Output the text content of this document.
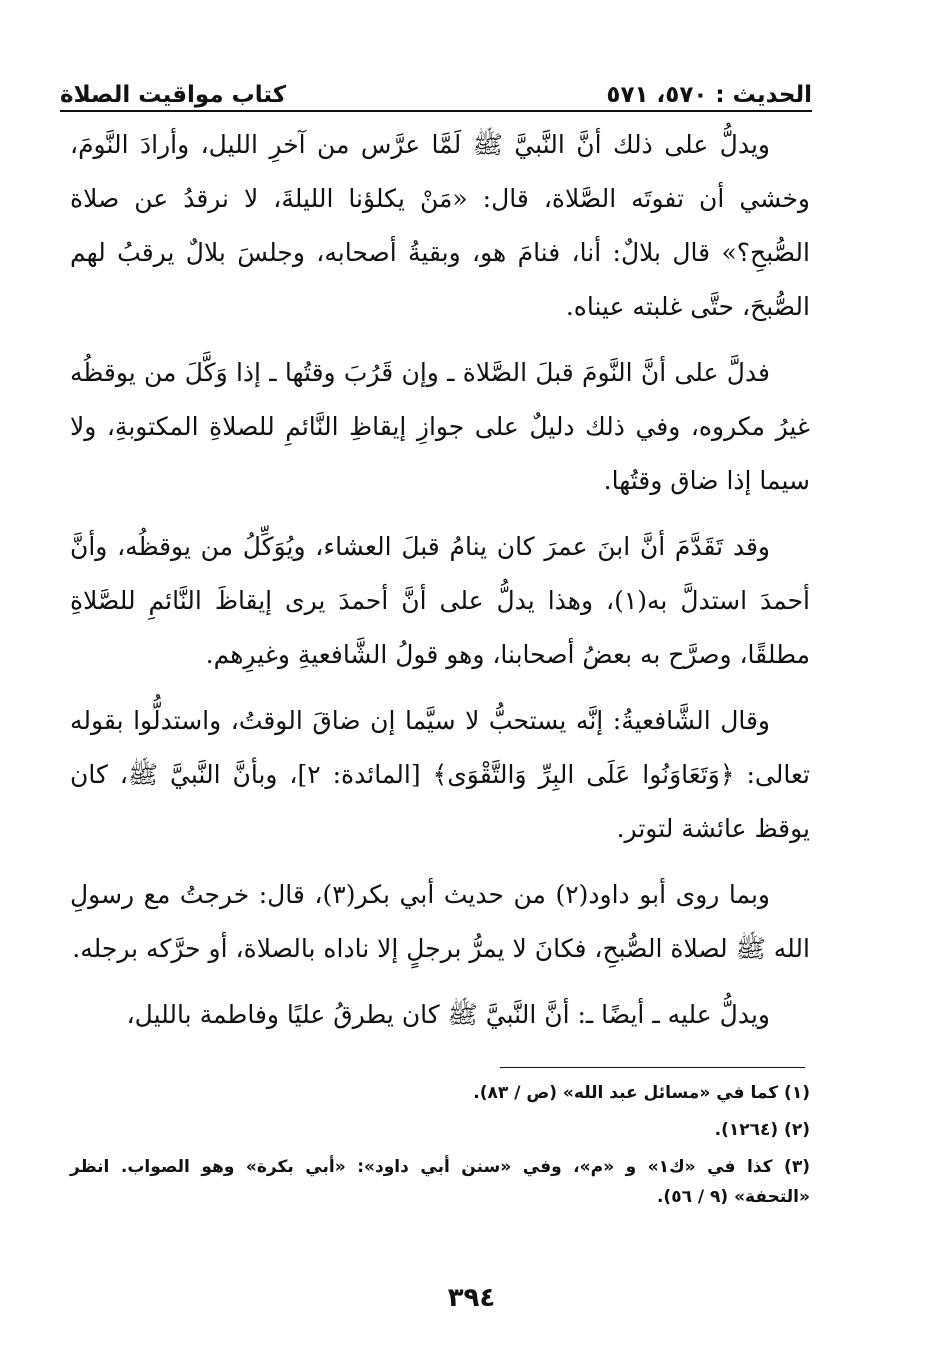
الحديث : ٥٧٠، ٥٧١
كتاب مواقيت الصلاة

ويدلُّ على ذلك أنَّ النَّبيَّ ﷺ لَمَّا عرَّس من آخرِ الليل، وأرادَ النَّومَ، وخشي أن تفوتَه الصَّلاة، قال: «مَنْ يكلؤنا الليلةَ، لا نرقدُ عن صلاة الصُّبحِ؟» قال بلالٌ: أنا، فنامَ هو، وبقيةُ أصحابه، وجلسَ بلالٌ يرقبُ لهم الصُّبحَ، حتَّى غلبته عيناه.

فدلَّ على أنَّ النَّومَ قبلَ الصَّلاة ـ وإن قَرُبَ وقتُها ـ إذا وَكَّلَ من يوقظُه غيرُ مكروه، وفي ذلك دليلٌ على جوازِ إيقاظِ النَّائمِ للصلاةِ المكتوبةِ، ولا سيما إذا ضاق وقتُها.

وقد تَقَدَّمَ أنَّ ابنَ عمرَ كان ينامُ قبلَ العشاء، ويُوَكِّلُ من يوقظُه، وأنَّ أحمدَ استدلَّ به(١)، وهذا يدلُّ على أنَّ أحمدَ يرى إيقاظَ النَّائمِ للصَّلاةِ مطلقًا، وصرَّح به بعضُ أصحابنا، وهو قولُ الشَّافعيةِ وغيرِهم.

وقال الشَّافعيةُ: إنَّه يستحبُّ لا سيَّما إن ضاقَ الوقتُ، واستدلُّوا بقوله تعالى: ﴿وَتَعَاوَنُوا عَلَى البِرِّ وَالتَّقْوَى﴾ [المائدة: ٢]، وبأنَّ النَّبيَّ ﷺ، كان يوقظ عائشة لتوتر.

وبما روى أبو داود(٢) من حديث أبي بكر(٣)، قال: خرجتُ مع رسولِ الله ﷺ لصلاة الصُّبحِ، فكانَ لا يمرُّ برجلٍ إلا ناداه بالصلاة، أو حرَّكه برجله.

ويدلُّ عليه ـ أيضًا ـ: أنَّ النَّبيَّ ﷺ كان يطرقُ عليًا وفاطمة بالليل،

(١) كما في «مسائل عبد الله» (ص / ٨٣).
(٢) (١٢٦٤).
(٣) كذا في «ك١» و «م»، وفي «سنن أبي داود»: «أبي بكرة» وهو الصواب. انظر «التحفة» (٩ / ٥٦).
٣٩٤
